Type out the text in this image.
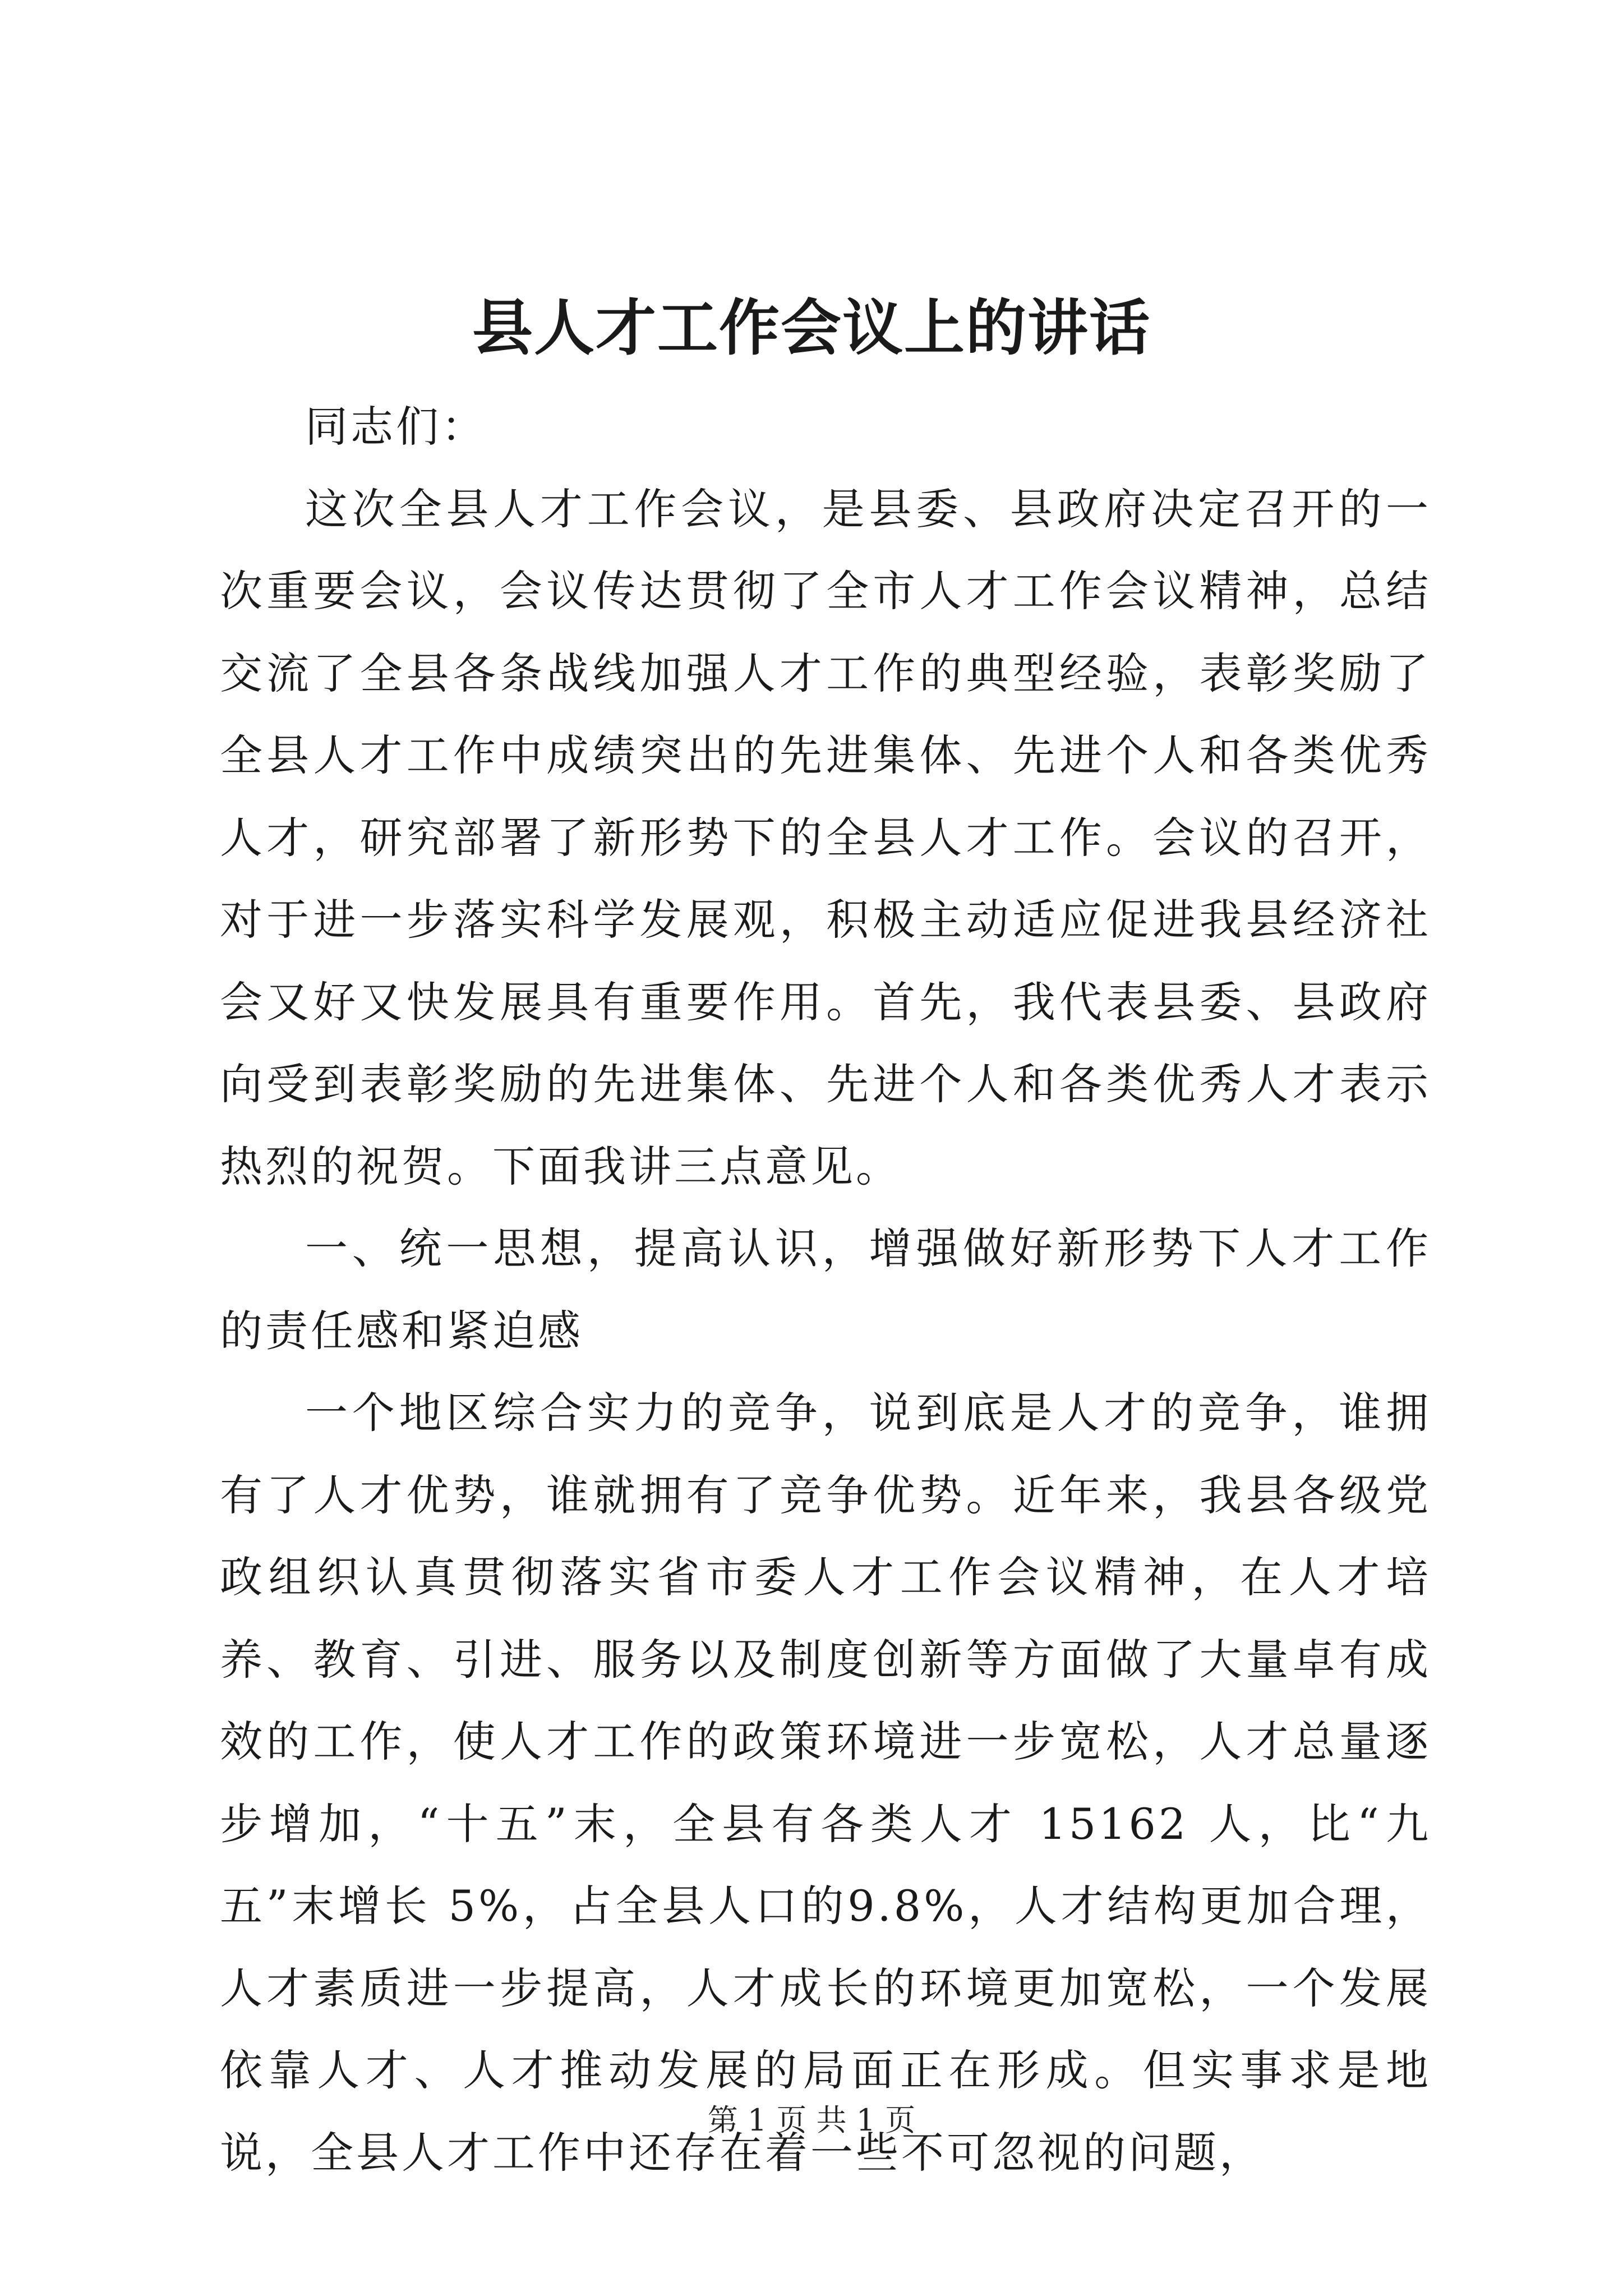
县人才工作会议上的讲话

同志们：

这次全县人才工作会议，是县委、县政府决定召开的一次重要会议，会议传达贯彻了全市人才工作会议精神，总结交流了全县各条战线加强人才工作的典型经验，表彰奖励了全县人才工作中成绩突出的先进集体、先进个人和各类优秀人才，研究部署了新形势下的全县人才工作。会议的召开，对于进一步落实科学发展观，积极主动适应促进我县经济社会又好又快发展具有重要作用。首先，我代表县委、县政府向受到表彰奖励的先进集体、先进个人和各类优秀人才表示热烈的祝贺。下面我讲三点意见。

一、统一思想，提高认识，增强做好新形势下人才工作的责任感和紧迫感

一个地区综合实力的竞争，说到底是人才的竞争，谁拥有了人才优势，谁就拥有了竞争优势。近年来，我县各级党政组织认真贯彻落实省市委人才工作会议精神，在人才培养、教育、引进、服务以及制度创新等方面做了大量卓有成效的工作，使人才工作的政策环境进一步宽松，人才总量逐步增加，“十五”末，全县有各类人才 15162 人，比“九五”末增长 5%，占全县人口的9.8%，人才结构更加合理，人才素质进一步提高，人才成长的环境更加宽松，一个发展依靠人才、人才推动发展的局面正在形成。但实事求是地说，全县人才工作中还存在着一些不可忽视的问题，

第 1 页 共 1 页
